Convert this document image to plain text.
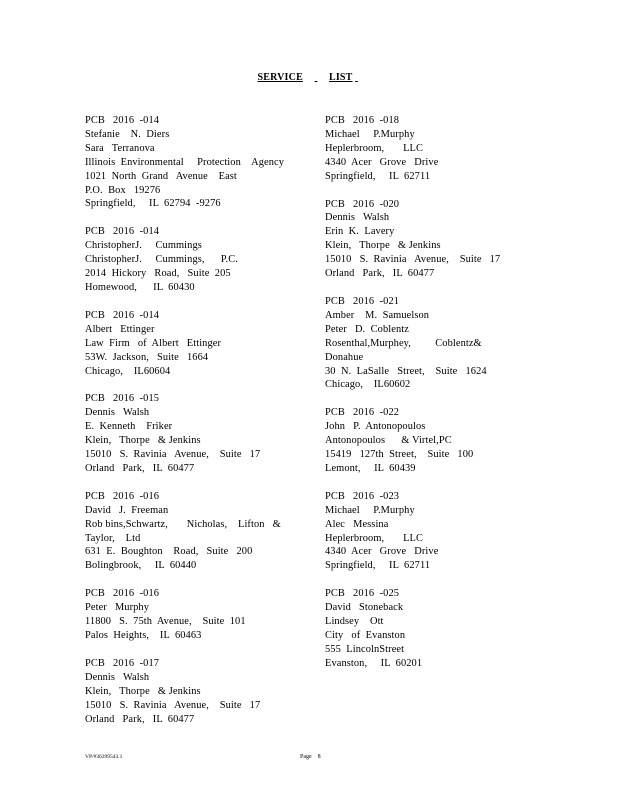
SERVICE	LIST
PCB   2016  -014
Stefanie    N.  Diers
Sara   Terranova
Illinois  Environmental     Protection    Agency
1021  North  Grand   Avenue    East
P.O.  Box   19276
Springfield,     IL  62794  -9276
PCB   2016  -014
ChristopherJ.     Cummings
ChristopherJ.     Cummings,      P.C.
2014  Hickory   Road,   Suite  205
Homewood,      IL  60430
PCB   2016  -014
Albert   Ettinger
Law  Firm   of  Albert   Ettinger
53W.  Jackson,   Suite   1664
Chicago,    IL60604
PCB   2016  -015
Dennis   Walsh
E.  Kenneth    Friker
Klein,   Thorpe   & Jenkins
15010   S.  Ravinia   Avenue,    Suite   17
Orland   Park,   IL  60477
PCB   2016  -016
David   J.  Freeman
Rob bins,Schwartz,       Nicholas,    Lifton   &
Taylor,    Ltd
631  E.  Boughton    Road,   Suite   200
Bolingbrook,     IL  60440
PCB   2016  -016
Peter   Murphy
11800   S.  75th  Avenue,    Suite  101
Palos  Heights,    IL  60463
PCB   2016  -017
Dennis   Walsh
Klein,   Thorpe   & Jenkins
15010   S.  Ravinia   Avenue,    Suite   17
Orland   Park,   IL  60477
PCB   2016  -018
Michael     P.Murphy
Heplerbroom,       LLC
4340  Acer   Grove   Drive
Springfield,     IL  62711
PCB   2016  -020
Dennis   Walsh
Erin  K.  Lavery
Klein,   Thorpe   & Jenkins
15010   S.  Ravinia   Avenue,    Suite   17
Orland   Park,   IL  60477
PCB   2016  -021
Amber    M.  Samuelson
Peter   D.  Coblentz
Rosenthal,Murphey,         Coblentz&
Donahue
30  N.  LaSalle   Street,    Suite   1624
Chicago,    IL60602
PCB   2016  -022
John   P.  Antonopoulos
Antonopoulos      & Virtel,PC
15419   127th  Street,    Suite   100
Lemont,     IL  60439
PCB   2016  -023
Michael     P.Murphy
Alec   Messina
Heplerbroom,       LLC
4340  Acer   Grove   Drive
Springfield,     IL  62711
PCB   2016  -025
David   Stoneback
Lindsey    Ott
City   of  Evanston
555  LincolnStreet
Evanston,     IL  60201
VP/#36399543.1	Page    8
